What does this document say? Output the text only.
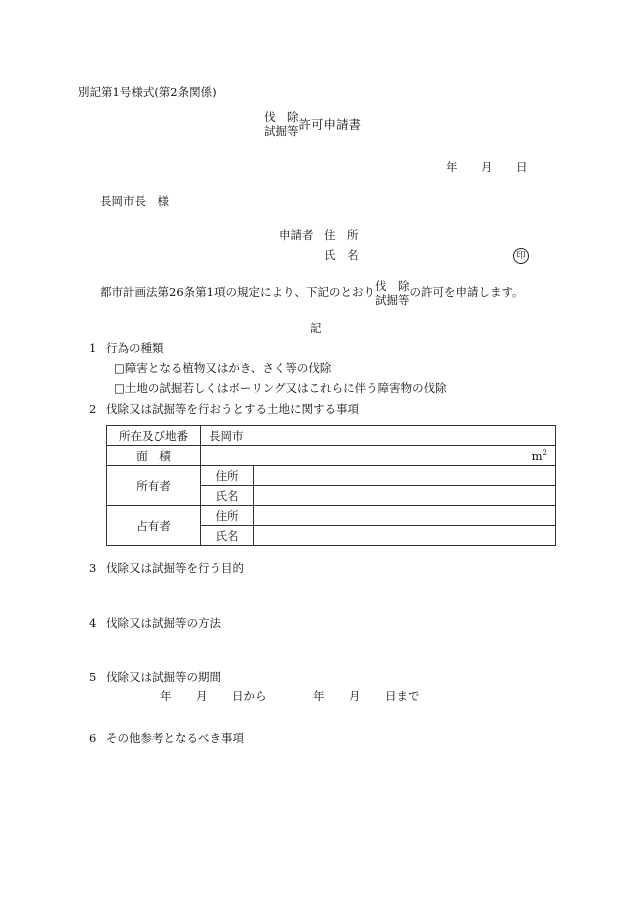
別記第1号様式(第2条関係)
伐　除
試掘等 許可申請書
年 月 日
長岡市長　様
申請者 住　所
氏　名	印
都市計画法第26条第1項の規定により、下記のとおり 伐　除
試掘等
の許可を申請します。
記
1 行為の種類
□障害となる植物又はかき、さく等の伐除
□土地の試掘若しくはボーリング又はこれらに伴う障害物の伐除
2 伐除又は試掘等を行おうとする土地に関する事項
所在及び地番	長岡市	
面　積	$m^2$
所有者	住所	
	氏名	
占有者	住所	
	氏名	
3 伐除又は試掘等を行う目的
4 伐除又は試掘等の方法
5 伐除又は試掘等の期間
年 月 日から	年 月 日まで
6 その他参考となるべき事項
